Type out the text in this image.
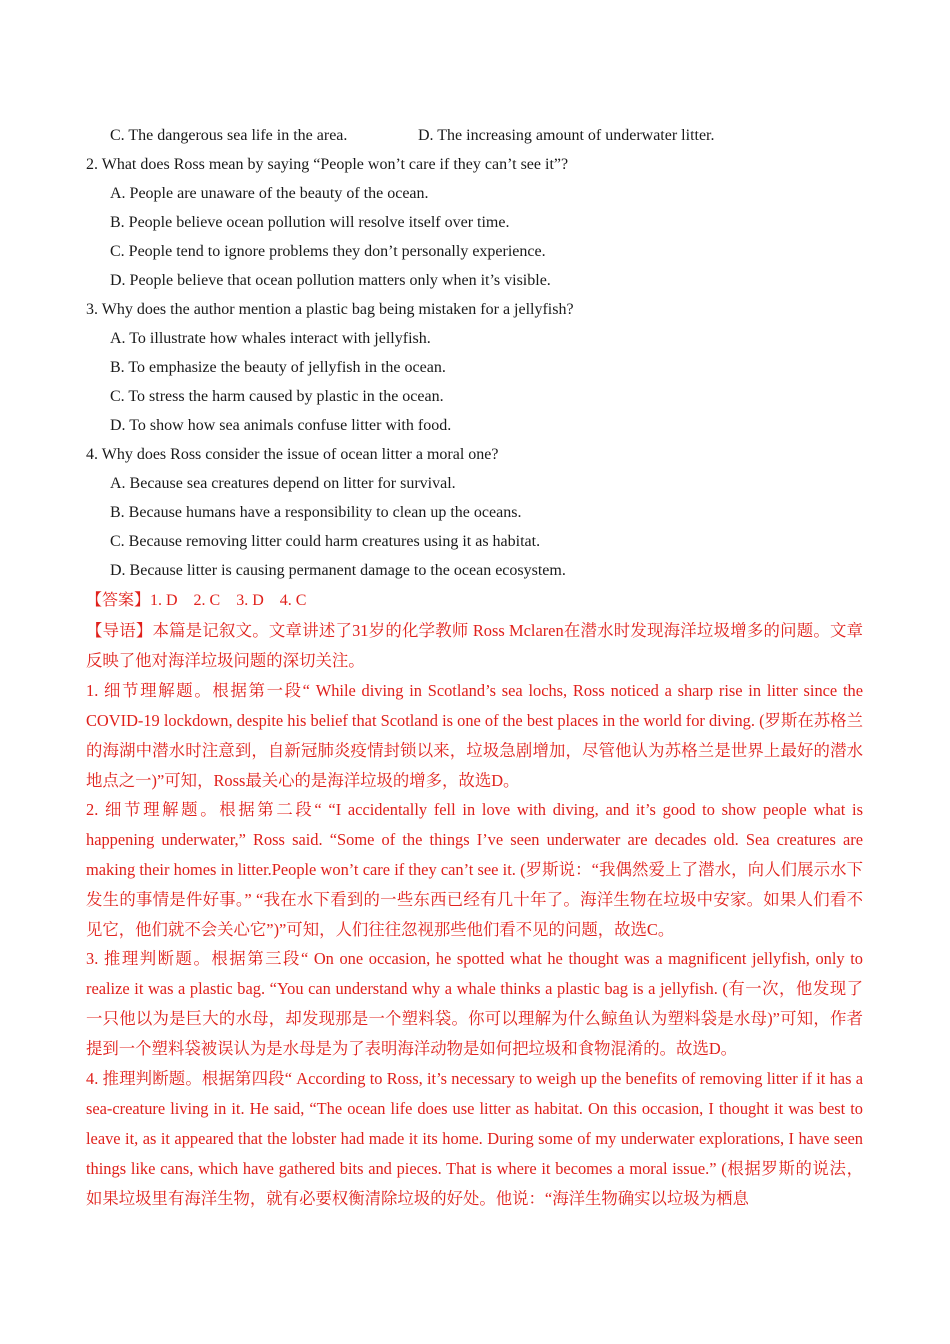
C. The dangerous sea life in the area.	D. The increasing amount of underwater litter.
2. What does Ross mean by saying “People won’t care if they can’t see it”?
A. People are unaware of the beauty of the ocean.
B. People believe ocean pollution will resolve itself over time.
C. People tend to ignore problems they don’t personally experience.
D. People believe that ocean pollution matters only when it’s visible.
3. Why does the author mention a plastic bag being mistaken for a jellyfish?
A. To illustrate how whales interact with jellyfish.
B. To emphasize the beauty of jellyfish in the ocean.
C. To stress the harm caused by plastic in the ocean.
D. To show how sea animals confuse litter with food.
4. Why does Ross consider the issue of ocean litter a moral one?
A. Because sea creatures depend on litter for survival.
B. Because humans have a responsibility to clean up the oceans.
C. Because removing litter could harm creatures using it as habitat.
D. Because litter is causing permanent damage to the ocean ecosystem.
【答案】1. D    2. C    3. D    4. C
【导语】本篇是记叙文。文章讲述了31岁的化学教师 Ross Mclaren在潜水时发现海洋垃圾增多的问题。文章反映了他对海洋垃圾问题的深切关注。
1. 细节理解题。根据第一段“ While diving in Scotland’s sea lochs, Ross noticed a sharp rise in litter since the COVID-19 lockdown, despite his belief that Scotland is one of the best places in the world for diving. (罗斯在苏格兰的海湖中潜水时注意到，自新冠肺炎疫情封锁以来，垃圾急剧增加，尽管他认为苏格兰是世界上最好的潜水地点之一)”可知，Ross最关心的是海洋垃圾的增多，故选D。
2. 细节理解题。根据第二段“ “I accidentally fell in love with diving, and it’s good to show people what is happening underwater,” Ross said. “Some of the things I’ve seen underwater are decades old. Sea creatures are making their homes in litter.People won’t care if they can’t see it. (罗斯说：“我偶然爱上了潜水，向人们展示水下发生的事情是件好事。” “我在水下看到的一些东西已经有几十年了。海洋生物在垃圾中安家。如果人们看不见它，他们就不会关心它”)”可知，人们往往忽视那些他们看不见的问题，故选C。
3. 推理判断题。根据第三段“ On one occasion, he spotted what he thought was a magnificent jellyfish, only to realize it was a plastic bag. “You can understand why a whale thinks a plastic bag is a jellyfish. (有一次，他发现了一只他以为是巨大的水母，却发现那是一个塑料袋。你可以理解为什么鲸鱼认为塑料袋是水母)”可知，作者提到一个塑料袋被误认为是水母是为了表明海洋动物是如何把垃圾和食物混淆的。故选D。
4. 推理判断题。根据第四段“ According to Ross, it’s necessary to weigh up the benefits of removing litter if it has a sea-creature living in it. He said, “The ocean life does use litter as habitat. On this occasion, I thought it was best to leave it, as it appeared that the lobster had made it its home. During some of my underwater explorations, I have seen things like cans, which have gathered bits and pieces. That is where it becomes a moral issue.” (根据罗斯的说法，如果垃圾里有海洋生物，就有必要权衡清除垃圾的好处。他说：“海洋生物确实以垃圾为栖息
